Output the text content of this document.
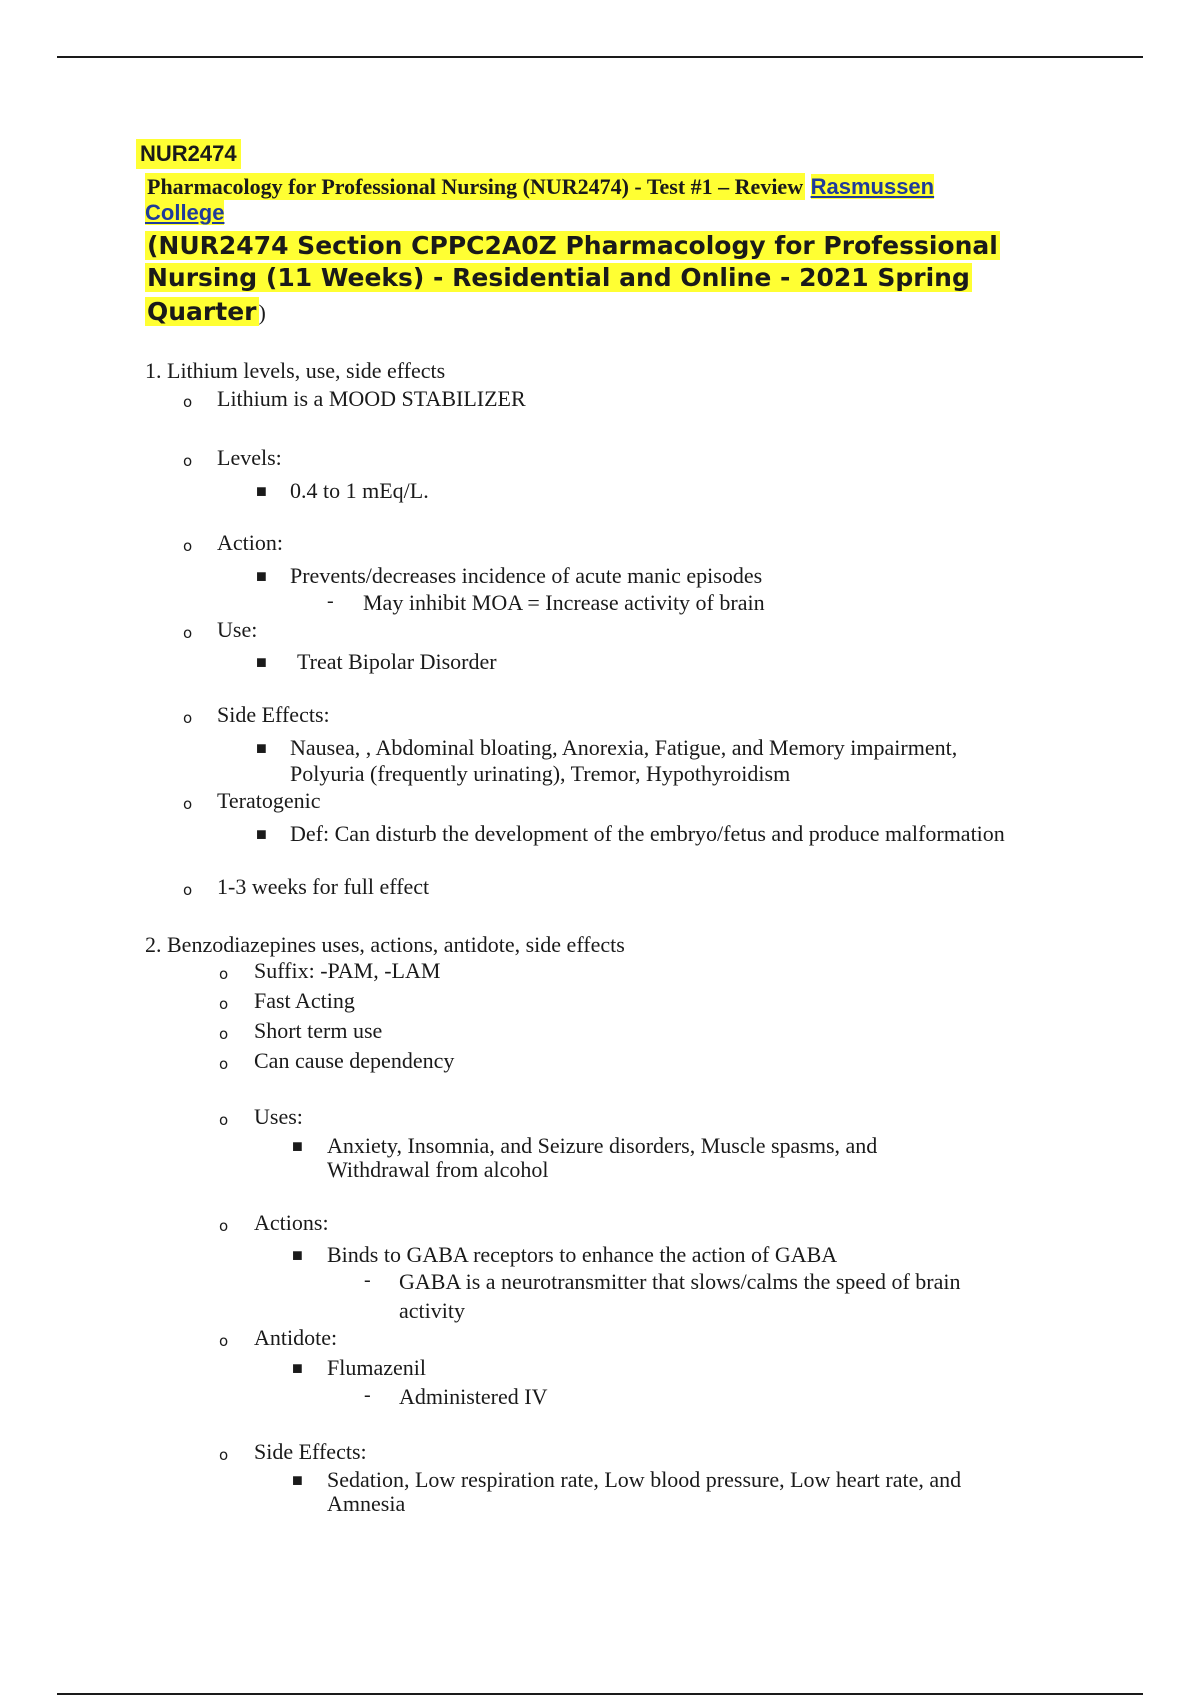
NUR2474
Pharmacology for Professional Nursing (NUR2474) - Test #1 – Review Rasmussen
College
(NUR2474 Section CPPC2A0Z Pharmacology for Professional
Nursing (11 Weeks) - Residential and Online - 2021 Spring
Quarter)
1. Lithium levels, use, side effects
o Lithium is a MOOD STABILIZER
o Levels:
■ 0.4 to 1 mEq/L.
o Action:
■ Prevents/decreases incidence of acute manic episodes
- May inhibit MOA = Increase activity of brain
o Use:
■ Treat Bipolar Disorder
o Side Effects:
■ Nausea, , Abdominal bloating, Anorexia, Fatigue, and Memory impairment,
Polyuria (frequently urinating), Tremor, Hypothyroidism
o Teratogenic
■ Def: Can disturb the development of the embryo/fetus and produce malformation
o 1-3 weeks for full effect
2. Benzodiazepines uses, actions, antidote, side effects
o Suffix: -PAM, -LAM
o Fast Acting
o Short term use
o Can cause dependency
o Uses:
■ Anxiety, Insomnia, and Seizure disorders, Muscle spasms, and
Withdrawal from alcohol
o Actions:
■ Binds to GABA receptors to enhance the action of GABA
- GABA is a neurotransmitter that slows/calms the speed of brain
activity
o Antidote:
■ Flumazenil
- Administered IV
o Side Effects:
■ Sedation, Low respiration rate, Low blood pressure, Low heart rate, and
Amnesia
